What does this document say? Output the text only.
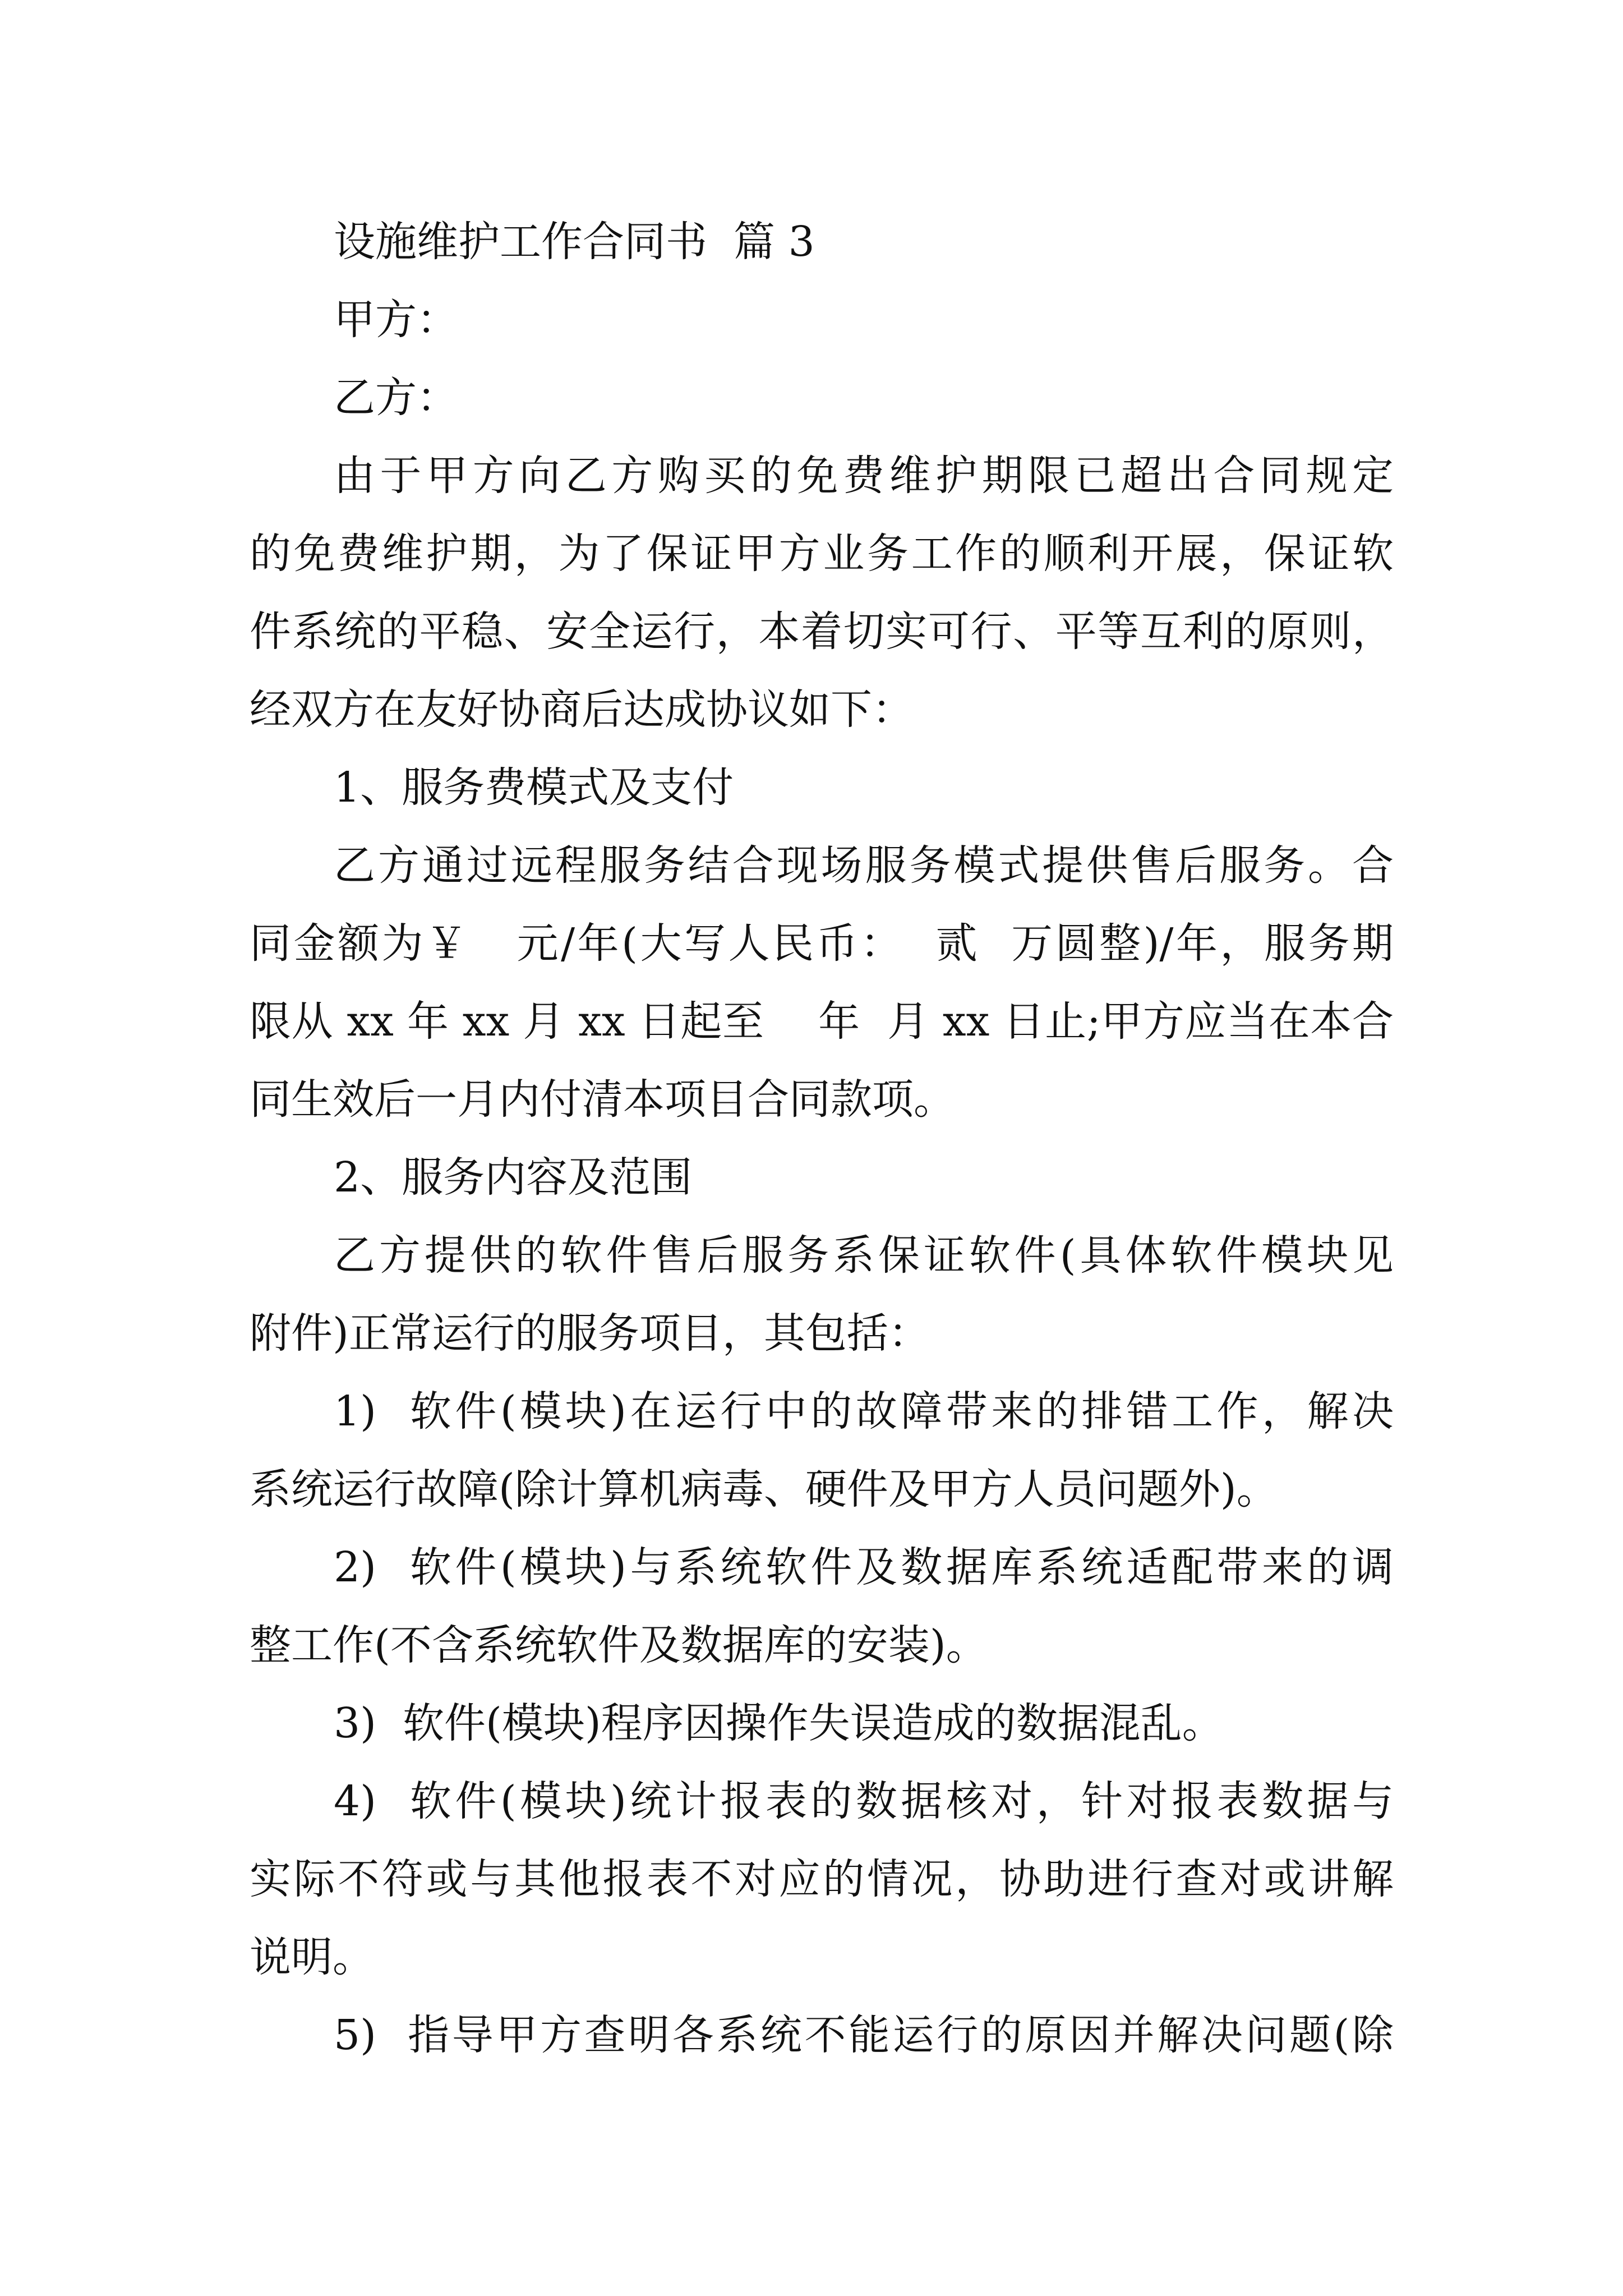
设施维护工作合同书  篇 3
甲方：
乙方：
由于甲方向乙方购买的免费维护期限已超出合同规定
的免费维护期，为了保证甲方业务工作的顺利开展，保证软
件系统的平稳、安全运行，本着切实可行、平等互利的原则，
经双方在友好协商后达成协议如下：
1、服务费模式及支付
乙方通过远程服务结合现场服务模式提供售后服务。合
同金额为￥   元/年(大写人民币：  贰  万圆整)/年，服务期
限从 xx 年 xx 月 xx 日起至    年  月 xx 日止;甲方应当在本合
同生效后一月内付清本项目合同款项。
2、服务内容及范围
乙方提供的软件售后服务系保证软件(具体软件模块见
附件)正常运行的服务项目，其包括：
1)  软件(模块)在运行中的故障带来的排错工作，解决
系统运行故障(除计算机病毒、硬件及甲方人员问题外)。
2)  软件(模块)与系统软件及数据库系统适配带来的调
整工作(不含系统软件及数据库的安装)。
3)  软件(模块)程序因操作失误造成的数据混乱。
4)  软件(模块)统计报表的数据核对，针对报表数据与
实际不符或与其他报表不对应的情况，协助进行查对或讲解
说明。
5)  指导甲方查明各系统不能运行的原因并解决问题(除
